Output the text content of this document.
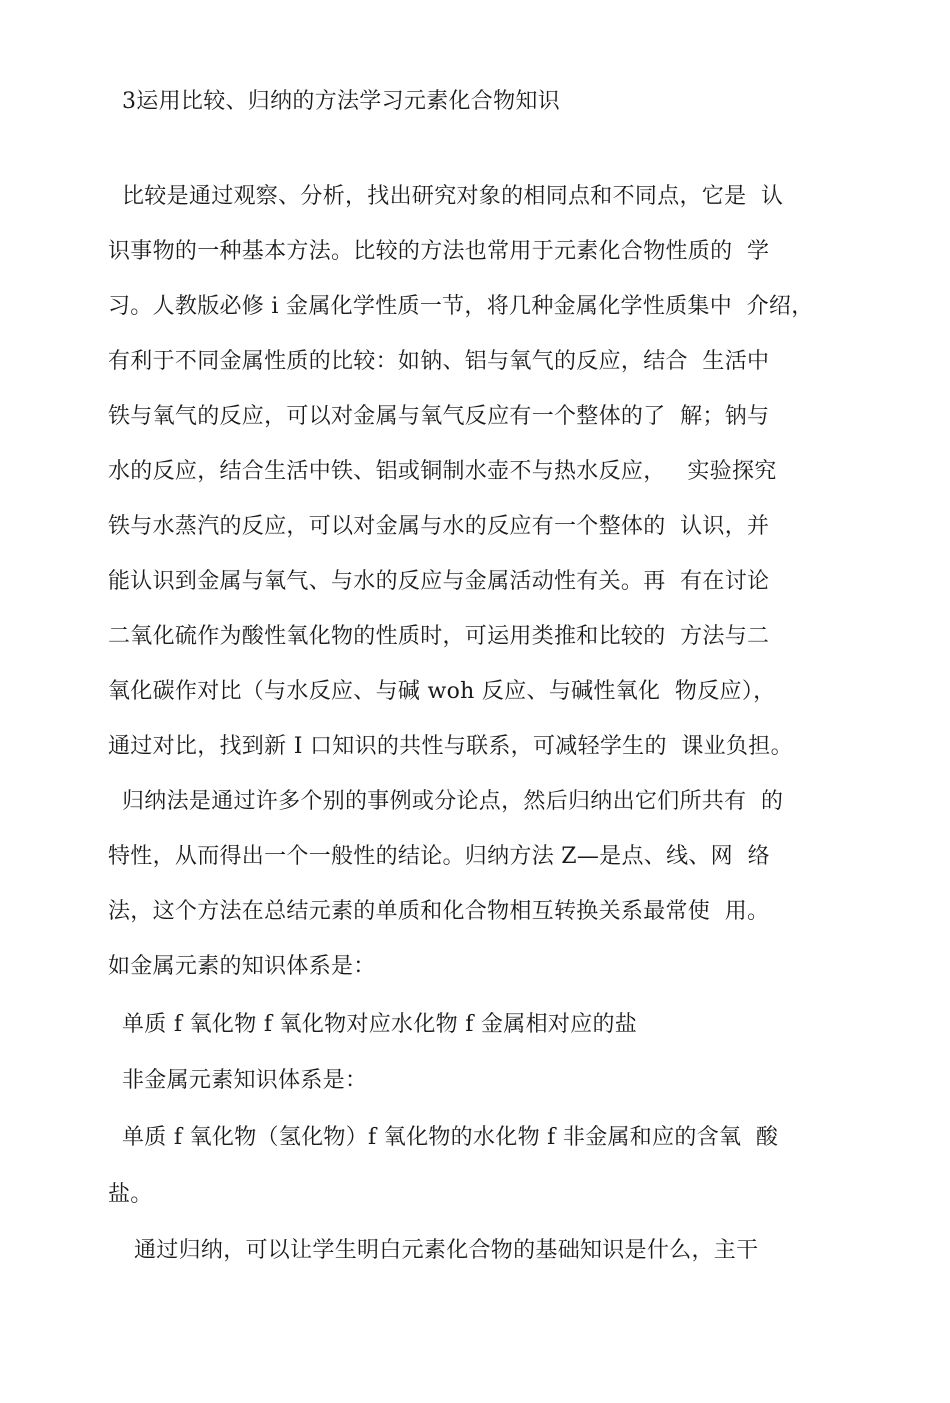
3运用比较、归纳的方法学习元素化合物知识
比较是通过观察、分析，找出研究对象的相同点和不同点，它是  认
识事物的一种基本方法。比较的方法也常用于元素化合物性质的  学
习。人教版必修 i 金属化学性质一节，将几种金属化学性质集中  介绍，
有利于不同金属性质的比较：如钠、铝与氧气的反应，结合  生活中
铁与氧气的反应，可以对金属与氧气反应有一个整体的了  解；钠与
水的反应，结合生活中铁、铝或铜制水壶不与热水反应，   实验探究
铁与水蒸汽的反应，可以对金属与水的反应有一个整体的  认识，并
能认识到金属与氧气、与水的反应与金属活动性有关。再  有在讨论
二氧化硫作为酸性氧化物的性质时，可运用类推和比较的  方法与二
氧化碳作对比（与水反应、与碱 woh 反应、与碱性氧化  物反应），
通过对比，找到新 I 口知识的共性与联系，可减轻学生的  课业负担。
归纳法是通过许多个别的事例或分论点，然后归纳出它们所共有  的
特性，从而得出一个一般性的结论。归纳方法 Z—是点、线、网  络
法，这个方法在总结元素的单质和化合物相互转换关系最常使  用。
如金属元素的知识体系是：
单质 f 氧化物 f 氧化物对应水化物 f 金属相对应的盐
非金属元素知识体系是：
单质 f 氧化物（氢化物）f 氧化物的水化物 f 非金属和应的含氧  酸
盐。
通过归纳，可以让学生明白元素化合物的基础知识是什么，主干
